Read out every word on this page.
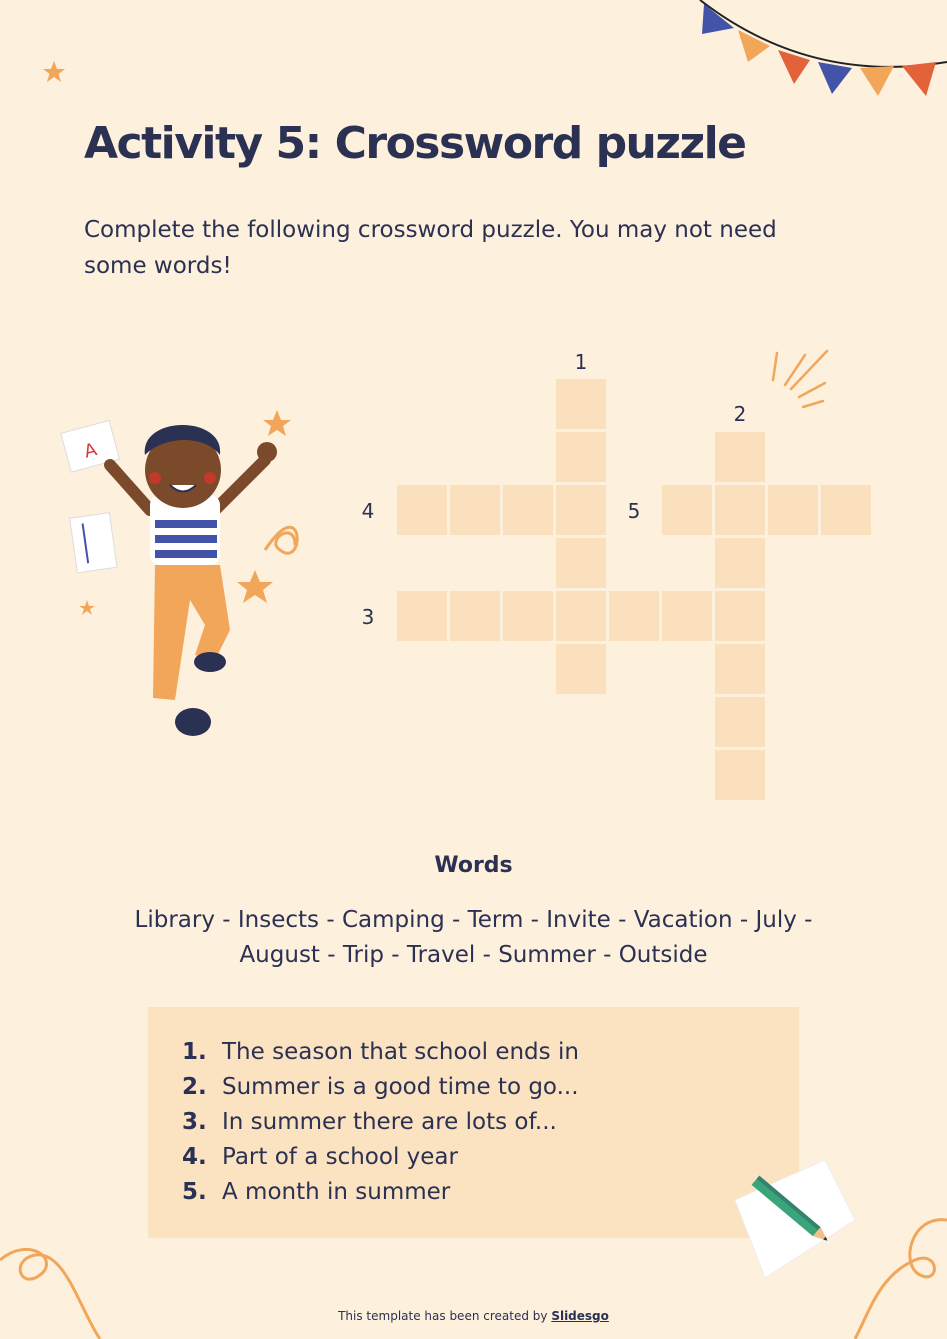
Activity 5: Crossword puzzle

Complete the following crossword puzzle. You may not need some words!

A
1
2
4	5
3
Words
Library - Insects - Camping - Term - Invite - Vacation - July - August - Trip - Travel - Summer - Outside
1. The season that school ends in
2. Summer is a good time to go...
3. In summer there are lots of...
4. Part of a school year
5. A month in summer
This template has been created by Slidesgo
